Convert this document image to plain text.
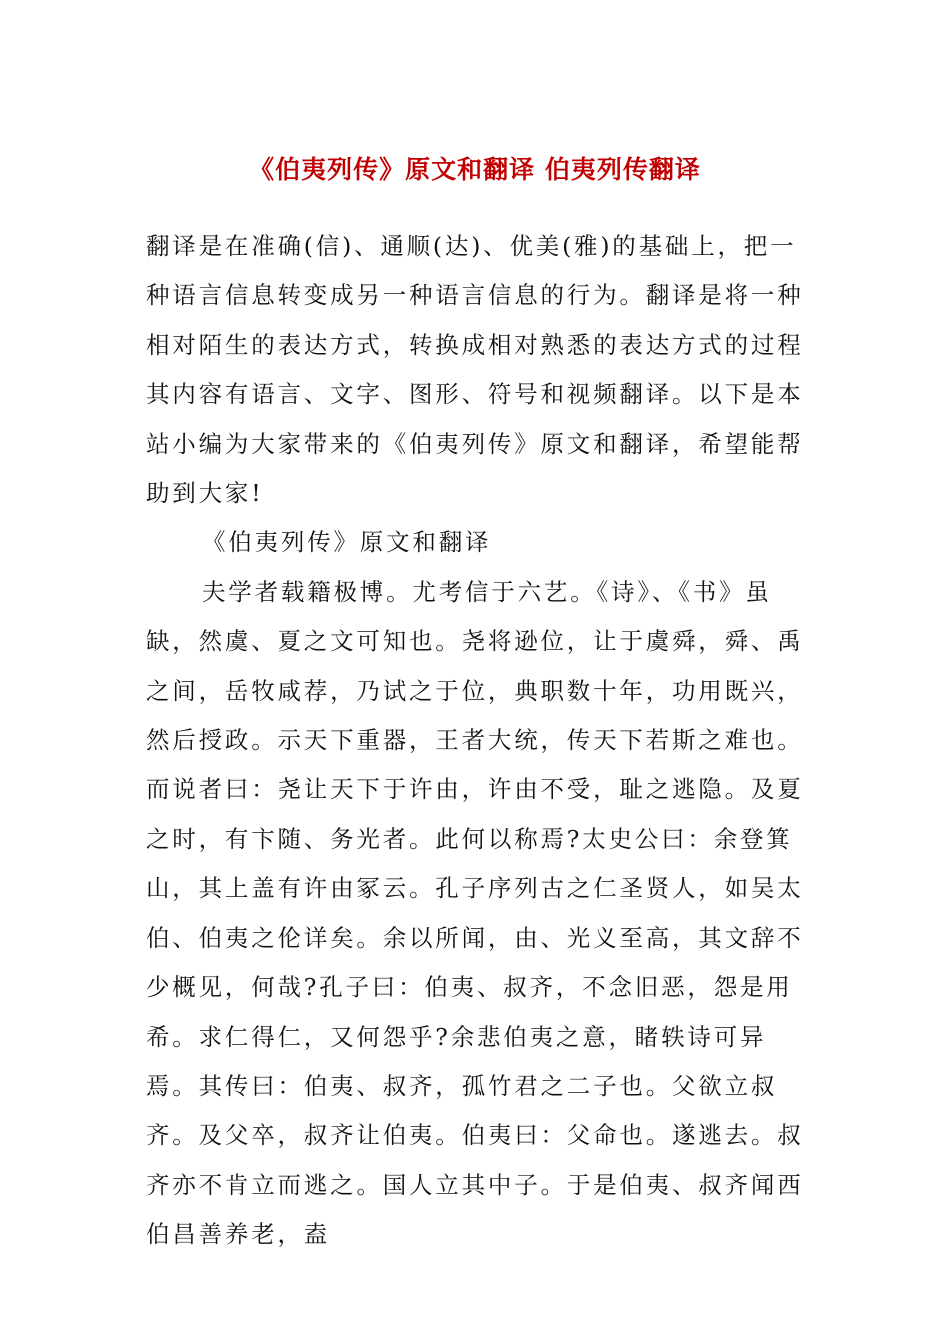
《伯夷列传》原文和翻译 伯夷列传翻译

翻译是在准确(信)、通顺(达)、优美(雅)的基础上，把一种语言信息转变成另一种语言信息的行为。翻译是将一种相对陌生的表达方式，转换成相对熟悉的表达方式的过程其内容有语言、文字、图形、符号和视频翻译。以下是本站小编为大家带来的《伯夷列传》原文和翻译，希望能帮助到大家!

《伯夷列传》原文和翻译

夫学者载籍极博。尤考信于六艺。《诗》、《书》虽缺，然虞、夏之文可知也。尧将逊位，让于虞舜，舜、禹之间，岳牧咸荐，乃试之于位，典职数十年，功用既兴，然后授政。示天下重器，王者大统，传天下若斯之难也。而说者曰：尧让天下于许由，许由不受，耻之逃隐。及夏之时，有卞随、务光者。此何以称焉?太史公曰：余登箕山，其上盖有许由冢云。孔子序列古之仁圣贤人，如吴太伯、伯夷之伦详矣。余以所闻，由、光义至高，其文辞不少概见，何哉?孔子曰：伯夷、叔齐，不念旧恶，怨是用希。求仁得仁，又何怨乎?余悲伯夷之意，睹轶诗可异焉。其传曰：伯夷、叔齐，孤竹君之二子也。父欲立叔齐。及父卒，叔齐让伯夷。伯夷曰：父命也。遂逃去。叔齐亦不肯立而逃之。国人立其中子。于是伯夷、叔齐闻西伯昌善养老，盍
